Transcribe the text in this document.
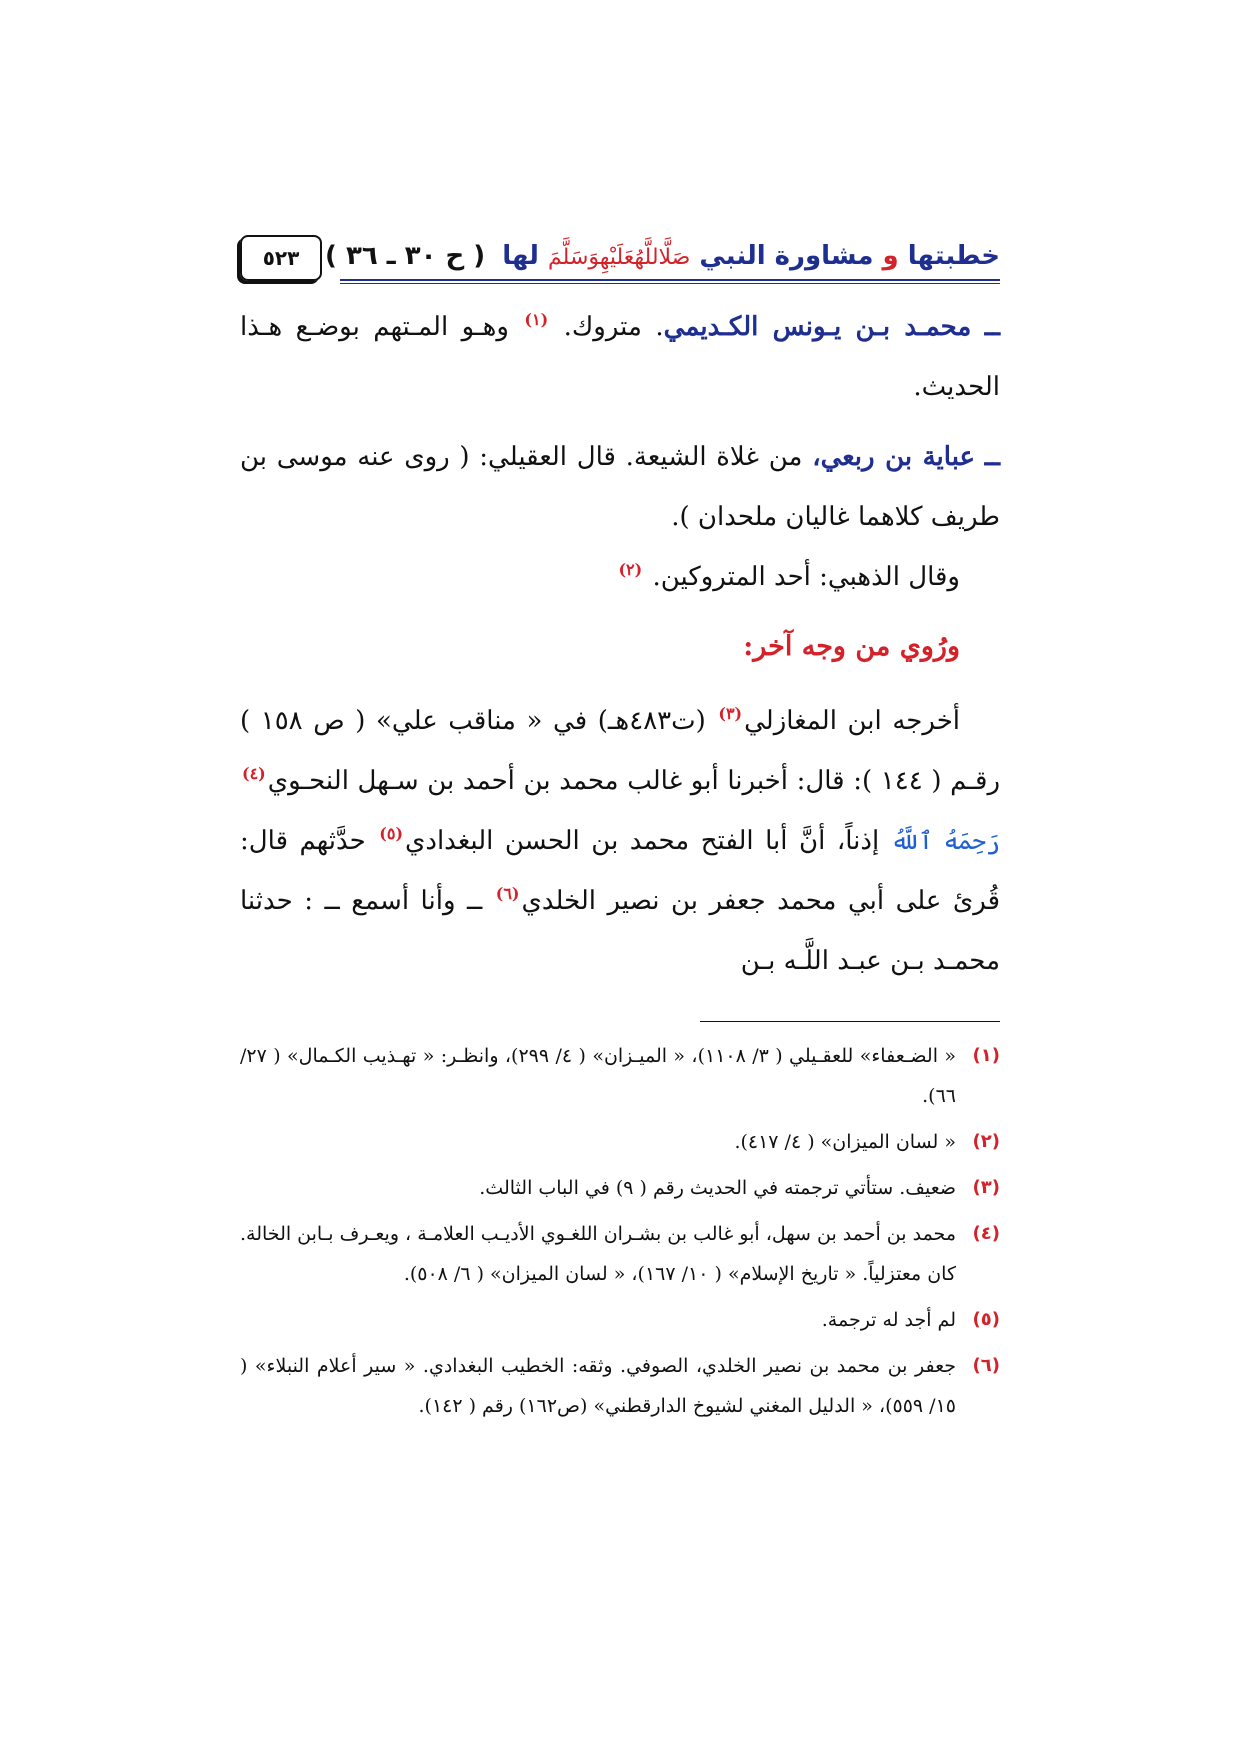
خطبتها و مشاورة النبي صَلَّاللَّهُعَلَيْهِوَسَلَّمَ لها ( ح ٣٠ ـ ٣٦ )
٥٢٣

ــ محمـد بـن يـونس الكـديمي. متروك. $^{(١)}$ وهـو المـتهم بوضـع هـذا الحديث.

ــ عباية بن ربعي، من غلاة الشيعة. قال العقيلي: ( روى عنه موسى بن طريف كلاهما غاليان ملحدان ).

وقال الذهبي: أحد المتروكين. $^{(٢)}$

ورُوي من وجه آخر:

أخرجه ابن المغازلي$^{(٣)}$ (ت٤٨٣هـ) في « مناقب علي» ( ص ١٥٨ ) رقـم ( ١٤٤ ): قال: أخبرنا أبو غالب محمد بن أحمد بن سـهل النحـوي$^{(٤)}$ رَحِمَهُ ٱللَّهُ إذناً، أنَّ أبا الفتح محمد بن الحسن البغدادي$^{(٥)}$ حدَّثهم قال: قُرئ على أبي محمد جعفر بن نصير الخلدي$^{(٦)}$ ــ وأنا أسمع ــ : حدثنا محمـد بـن عبـد اللَّـه بـن

(١)
« الضـعفاء» للعقـيلي ( ٣/ ١١٠٨)، « الميـزان» ( ٤/ ٢٩٩)، وانظـر: « تهـذيب الكـمال» ( ٢٧/ ٦٦).
(٢)
« لسان الميزان» ( ٤/ ٤١٧).
(٣)
ضعيف. ستأتي ترجمته في الحديث رقم ( ٩) في الباب الثالث.
(٤)
محمد بن أحمد بن سهل، أبو غالب بن بشـران اللغـوي الأديـب العلامـة ، ويعـرف بـابن الخالة. كان معتزلياً. « تاريخ الإسلام» ( ١٠/ ١٦٧)، « لسان الميزان» ( ٦/ ٥٠٨).
(٥)
لم أجد له ترجمة.
(٦)
جعفر بن محمد بن نصير الخلدي، الصوفي. وثقه: الخطيب البغدادي. « سير أعلام النبلاء» ( ١٥/ ٥٥٩)، « الدليل المغني لشيوخ الدارقطني» (ص١٦٢) رقم ( ١٤٢).
